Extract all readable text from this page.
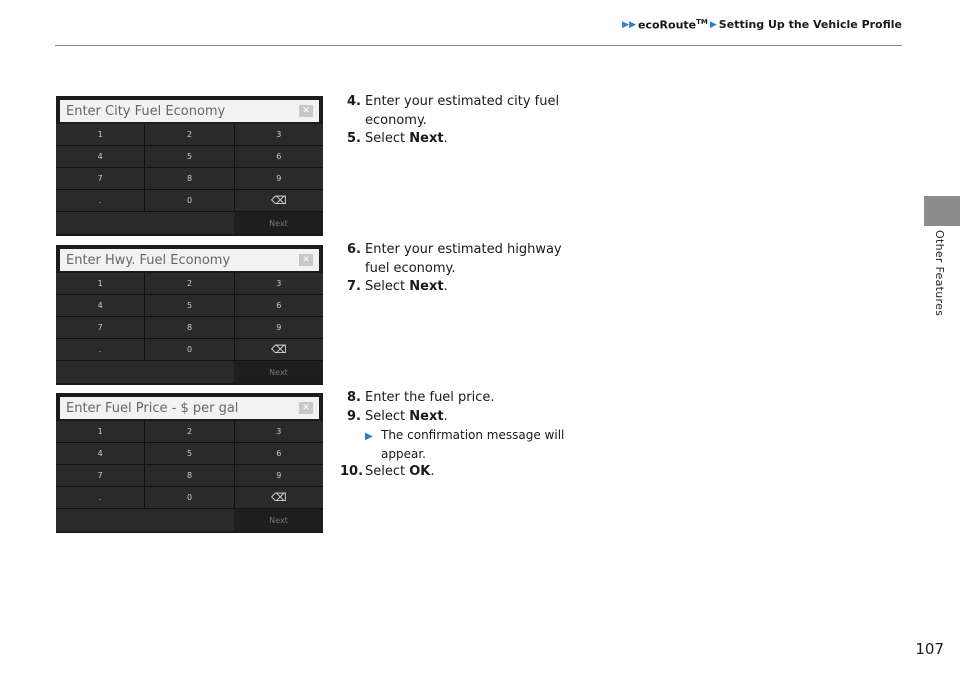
▶▶ ecoRoute™ ▶ Setting Up the Vehicle Profile
Other Features
Enter City Fuel Economy	✕
1	2	3
4	5	6
7	8	9
.	0	⌫
Next
Enter Hwy. Fuel Economy	✕
1	2	3
4	5	6
7	8	9
.	0	⌫
Next
Enter Fuel Price - $ per gal	✕
1	2	3
4	5	6
7	8	9
.	0	⌫
Next
4. Enter your estimated city fuel economy.
5. Select Next.
6. Enter your estimated highway fuel economy.
7. Select Next.
8. Enter the fuel price.
9. Select Next.
▶ The confirmation message will appear.
10. Select OK.
107
